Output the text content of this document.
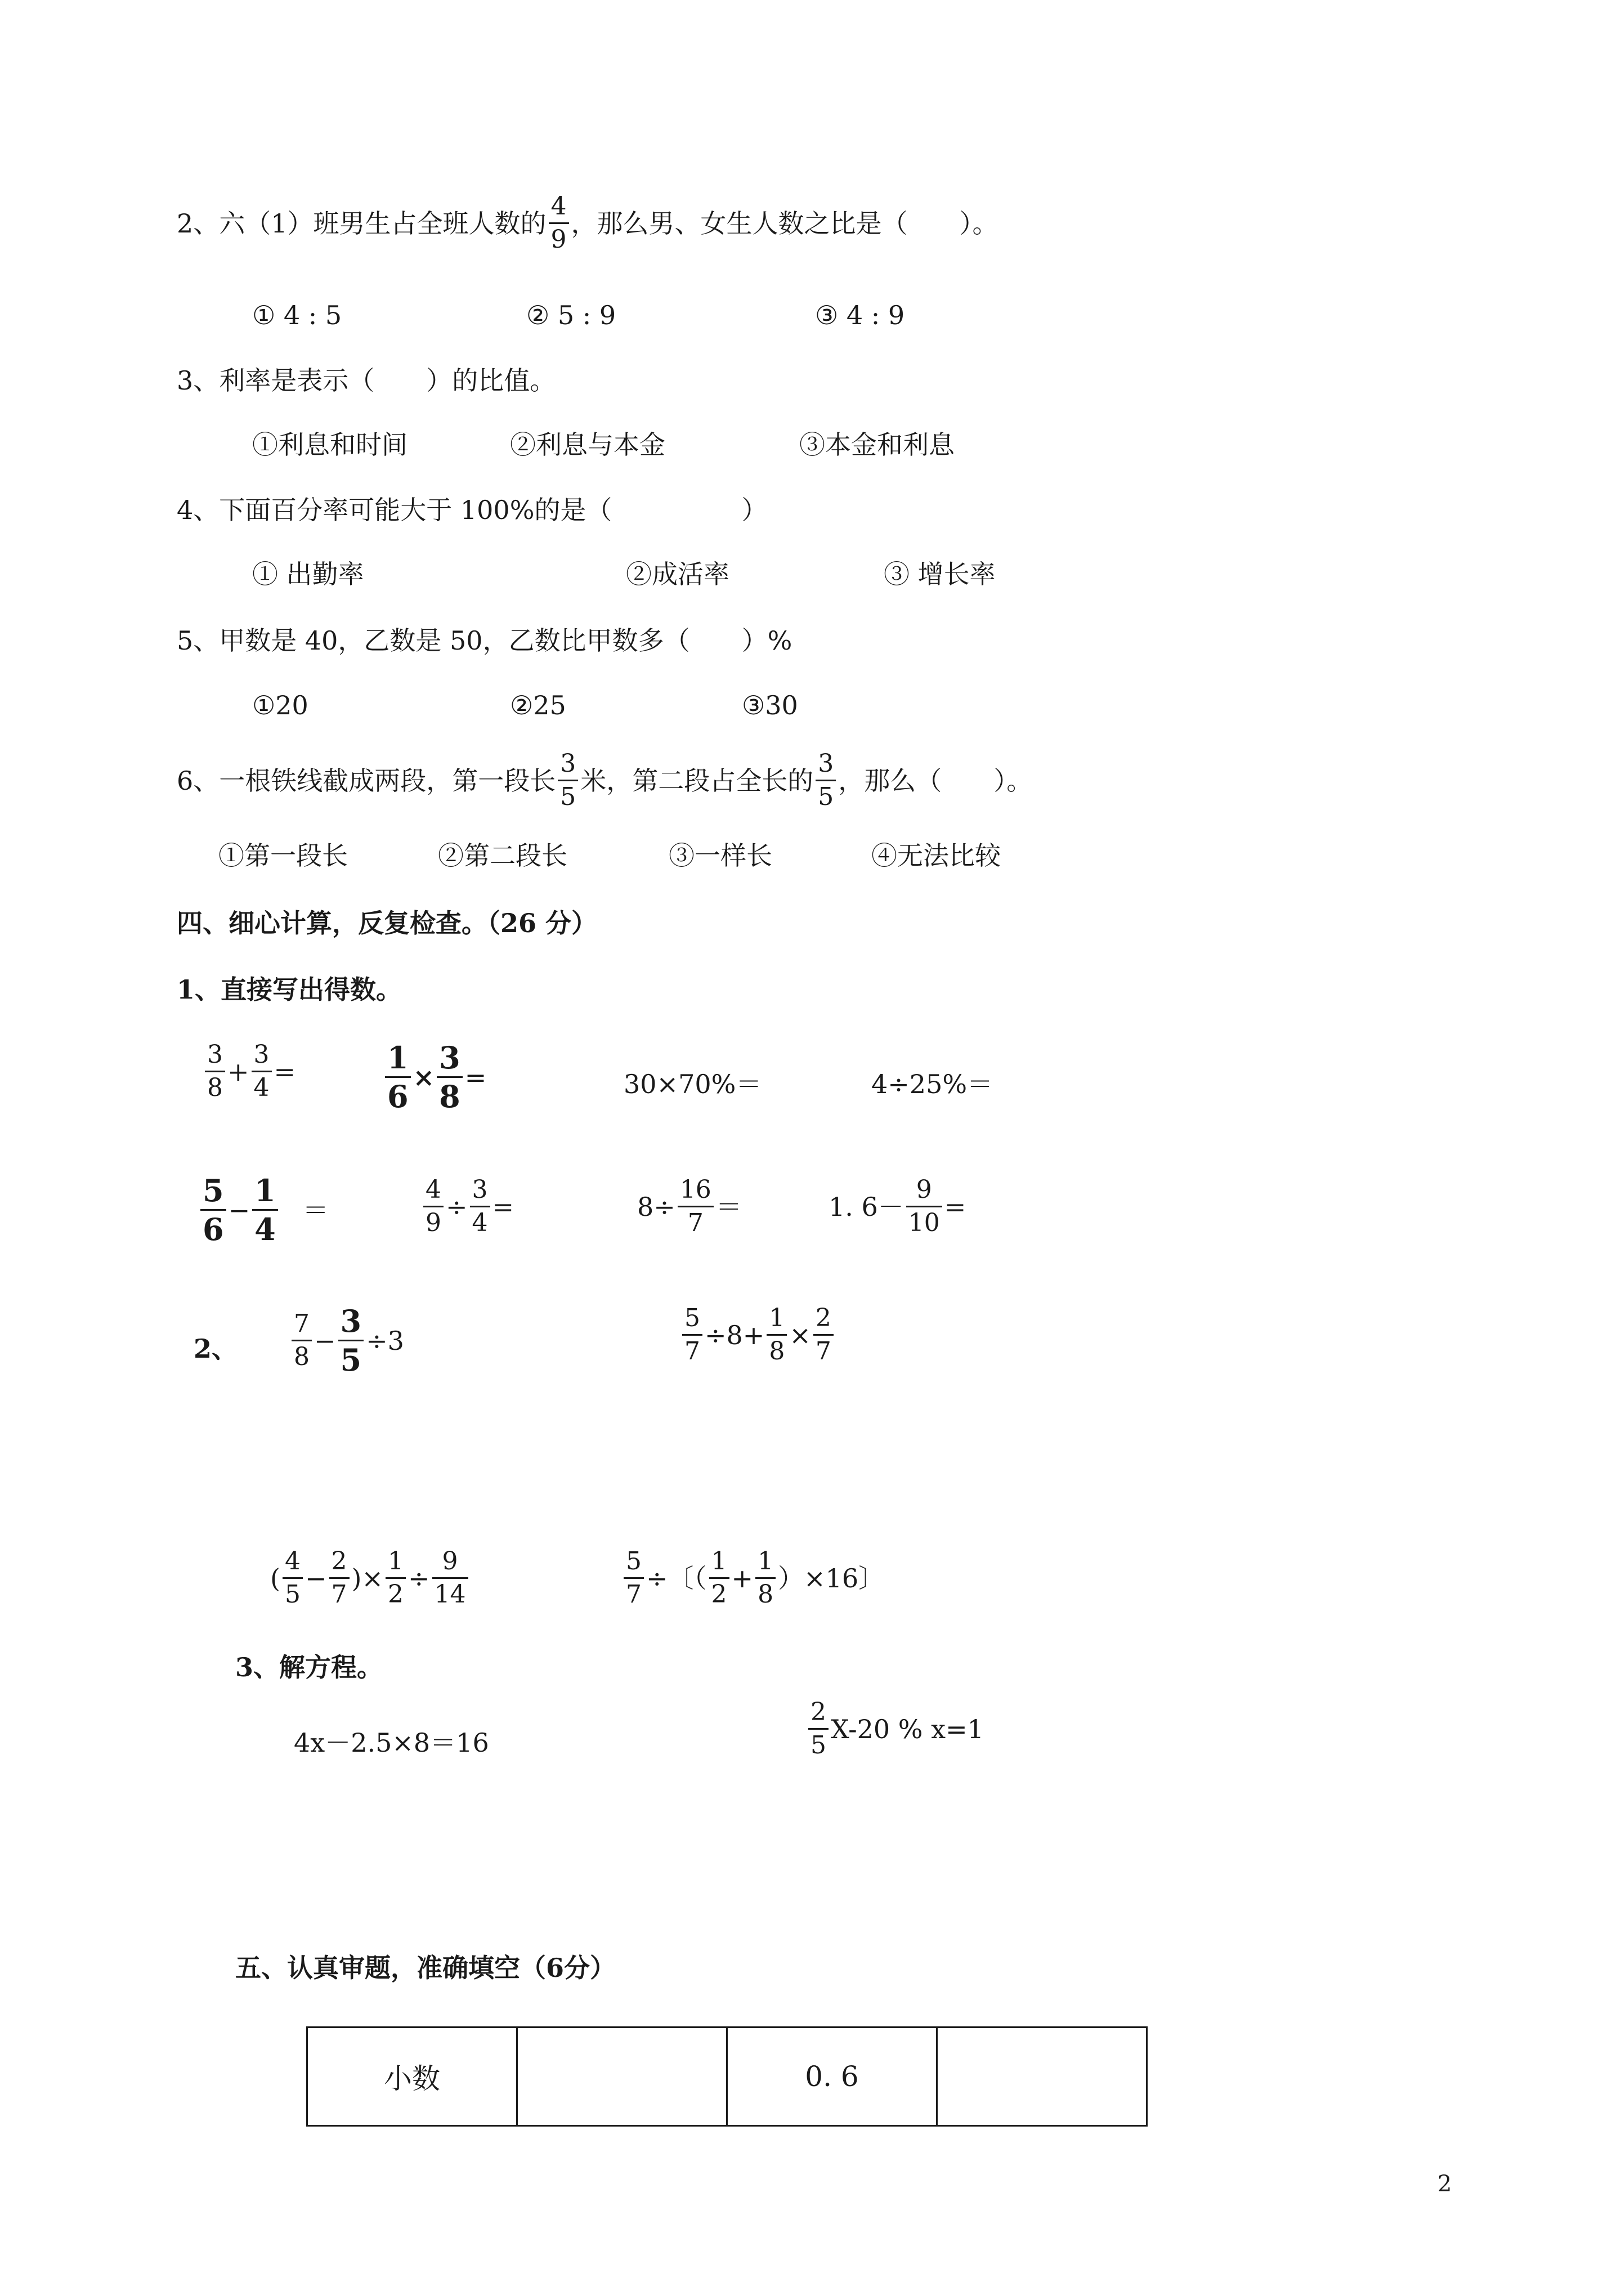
2、六（1）班男生占全班人数的 $\frac{4}{9}$ ，那么男、女生人数之比是（　　）。
① 4 : 5	② 5 : 9	③ 4 : 9
3、利率是表示（　　）的比值。
①利息和时间	②利息与本金	③本金和利息
4、下面百分率可能大于 100%的是（　　　　　）
① 出勤率	②成活率	③ 增长率
5、甲数是 40，乙数是 50，乙数比甲数多（　　）%
①20	②25	③30
6、一根铁线截成两段，第一段长 $\frac{3}{5}$ 米，第二段占全长的 $\frac{3}{5}$ ，那么（　　）。
①第一段长	②第二段长	③一样长	④无法比较
四、细心计算，反复检查。（26 分）
1、直接写出得数。
$\frac{3}{8} + \frac{3}{4}$ =	$\frac{1}{6} \times \frac{3}{8}$ =	30×70%＝	4÷25%＝
$\frac{5}{6} - \frac{1}{4}$ ＝	$\frac{4}{9} \div \frac{3}{4}$ =	$8\div \frac{16}{7}$ ＝	1. $6- \frac{9}{10}$ =
2、 $\frac{7}{8} - \frac{3}{5} \div 3$	$\frac{5}{7} \div 8+ \frac{1}{8} \times \frac{2}{7}$
( $\frac{4}{5} - \frac{2}{7}$ )× $\frac{1}{2} \div \frac{9}{14}$	$\frac{5}{7}$ ÷〔（ $\frac{1}{2} + \frac{1}{8} )\times 16$〕
3、解方程。
4x－2.5×8＝16	$\frac{2}{5} X-20$ % x=1
五、认真审题，准确填空（6分）
小数		0. 6	
2
